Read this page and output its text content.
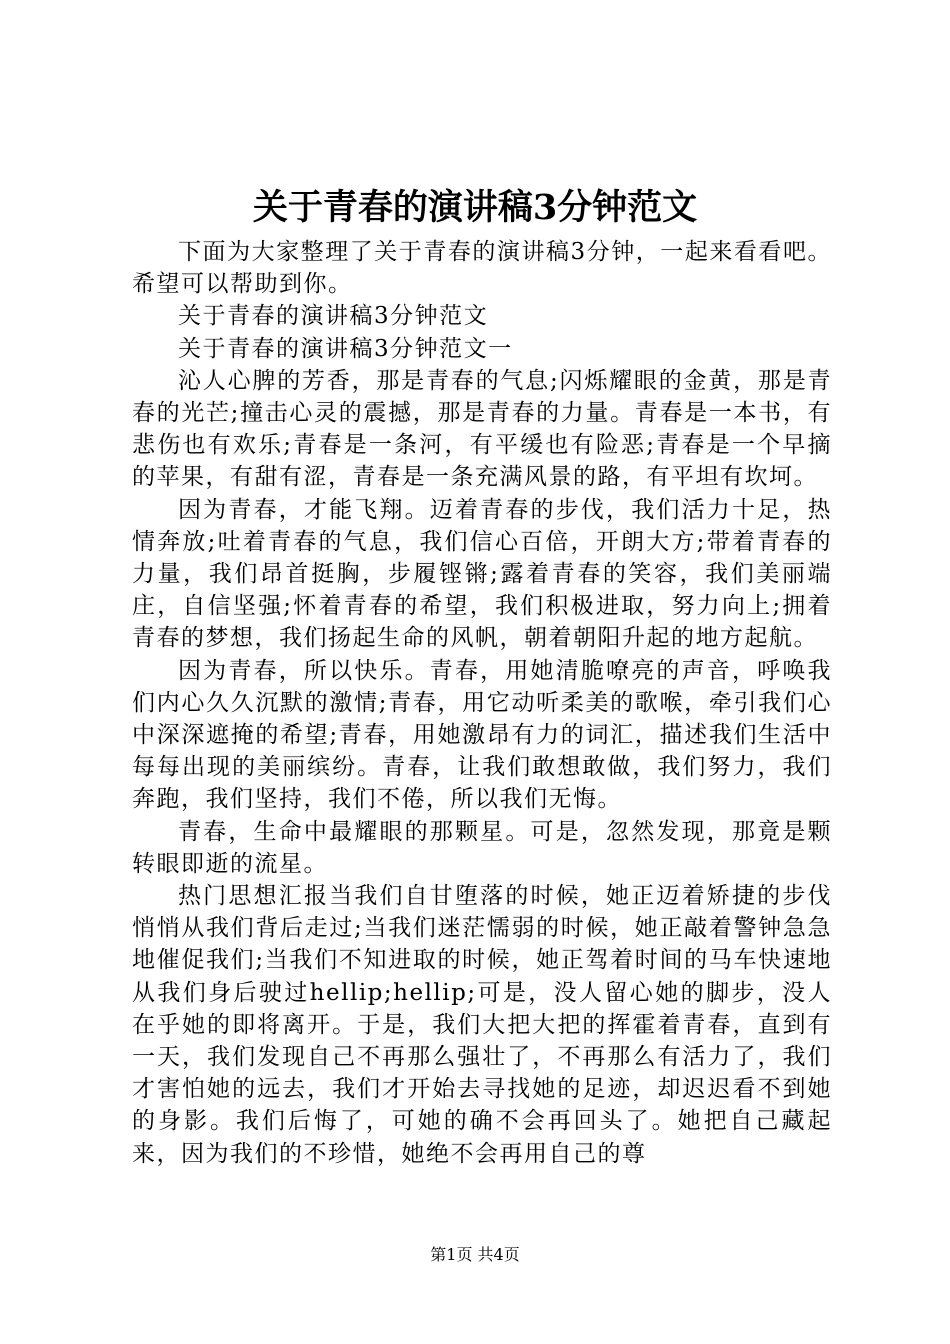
关于青春的演讲稿3分钟范文

下面为大家整理了关于青春的演讲稿3分钟，一起来看看吧。希望可以帮助到你。

关于青春的演讲稿3分钟范文

关于青春的演讲稿3分钟范文一

沁人心脾的芳香，那是青春的气息;闪烁耀眼的金黄，那是青春的光芒;撞击心灵的震撼，那是青春的力量。青春是一本书，有悲伤也有欢乐;青春是一条河，有平缓也有险恶;青春是一个早摘的苹果，有甜有涩，青春是一条充满风景的路，有平坦有坎坷。

因为青春，才能飞翔。迈着青春的步伐，我们活力十足，热情奔放;吐着青春的气息，我们信心百倍，开朗大方;带着青春的力量，我们昂首挺胸，步履铿锵;露着青春的笑容，我们美丽端庄，自信坚强;怀着青春的希望，我们积极进取，努力向上;拥着青春的梦想，我们扬起生命的风帆，朝着朝阳升起的地方起航。

因为青春，所以快乐。青春，用她清脆嘹亮的声音，呼唤我们内心久久沉默的激情;青春，用它动听柔美的歌喉，牵引我们心中深深遮掩的希望;青春，用她激昂有力的词汇，描述我们生活中每每出现的美丽缤纷。青春，让我们敢想敢做，我们努力，我们奔跑，我们坚持，我们不倦，所以我们无悔。

青春，生命中最耀眼的那颗星。可是，忽然发现，那竟是颗转眼即逝的流星。

热门思想汇报当我们自甘堕落的时候，她正迈着矫捷的步伐悄悄从我们背后走过;当我们迷茫懦弱的时候，她正敲着警钟急急地催促我们;当我们不知进取的时候，她正驾着时间的马车快速地从我们身后驶过hellip;hellip;可是，没人留心她的脚步，没人在乎她的即将离开。于是，我们大把大把的挥霍着青春，直到有一天，我们发现自己不再那么强壮了，不再那么有活力了，我们才害怕她的远去，我们才开始去寻找她的足迹，却迟迟看不到她的身影。我们后悔了，可她的确不会再回头了。她把自己藏起来，因为我们的不珍惜，她绝不会再用自己的尊

第1页 共4页
